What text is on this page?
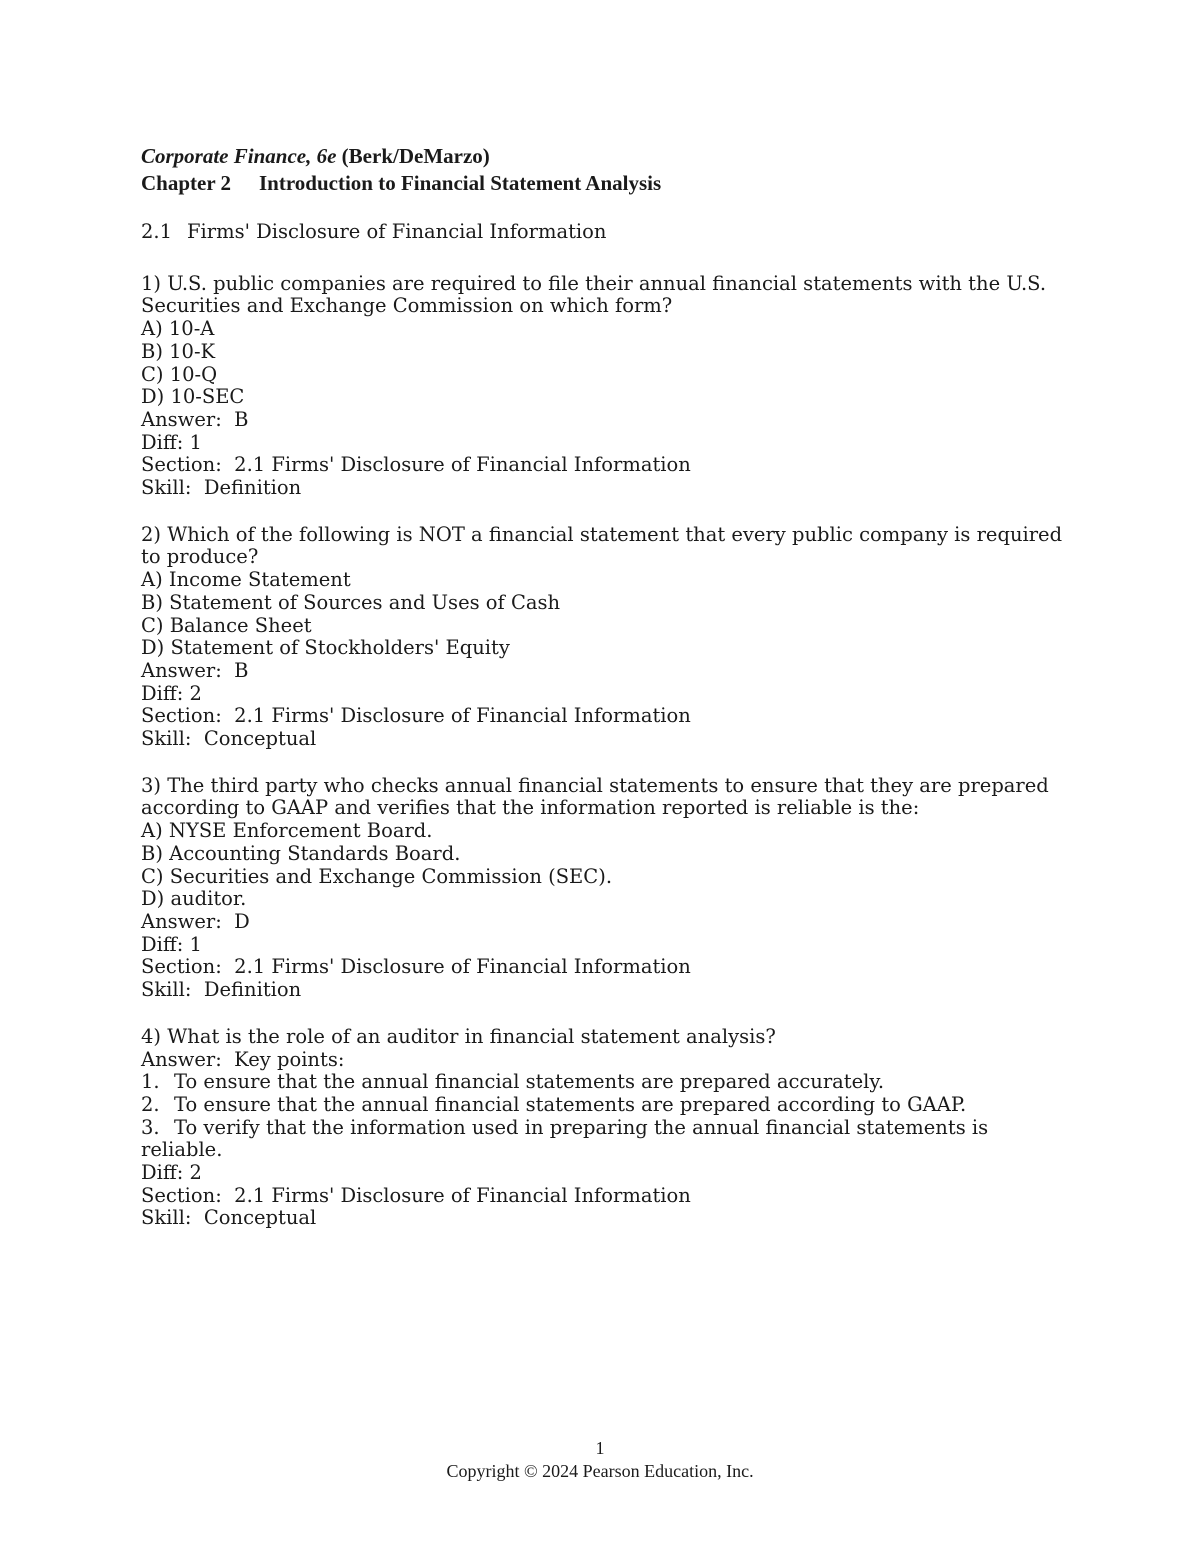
Corporate Finance, 6e (Berk/DeMarzo)
Chapter 2 Introduction to Financial Statement Analysis
2.1 Firms' Disclosure of Financial Information
1) U.S. public companies are required to file their annual financial statements with the U.S. Securities and Exchange Commission on which form?
A) 10-A
B) 10-K
C) 10-Q
D) 10-SEC
Answer:  B
Diff: 1
Section:  2.1 Firms' Disclosure of Financial Information
Skill:  Definition
2) Which of the following is NOT a financial statement that every public company is required to produce?
A) Income Statement
B) Statement of Sources and Uses of Cash
C) Balance Sheet
D) Statement of Stockholders' Equity
Answer:  B
Diff: 2
Section:  2.1 Firms' Disclosure of Financial Information
Skill:  Conceptual
3) The third party who checks annual financial statements to ensure that they are prepared according to GAAP and verifies that the information reported is reliable is the:
A) NYSE Enforcement Board.
B) Accounting Standards Board.
C) Securities and Exchange Commission (SEC).
D) auditor.
Answer:  D
Diff: 1
Section:  2.1 Firms' Disclosure of Financial Information
Skill:  Definition
4) What is the role of an auditor in financial statement analysis?
Answer:  Key points:
1. To ensure that the annual financial statements are prepared accurately.
2. To ensure that the annual financial statements are prepared according to GAAP.
3. To verify that the information used in preparing the annual financial statements is reliable.
Diff: 2
Section:  2.1 Firms' Disclosure of Financial Information
Skill:  Conceptual
1
Copyright © 2024 Pearson Education, Inc.
